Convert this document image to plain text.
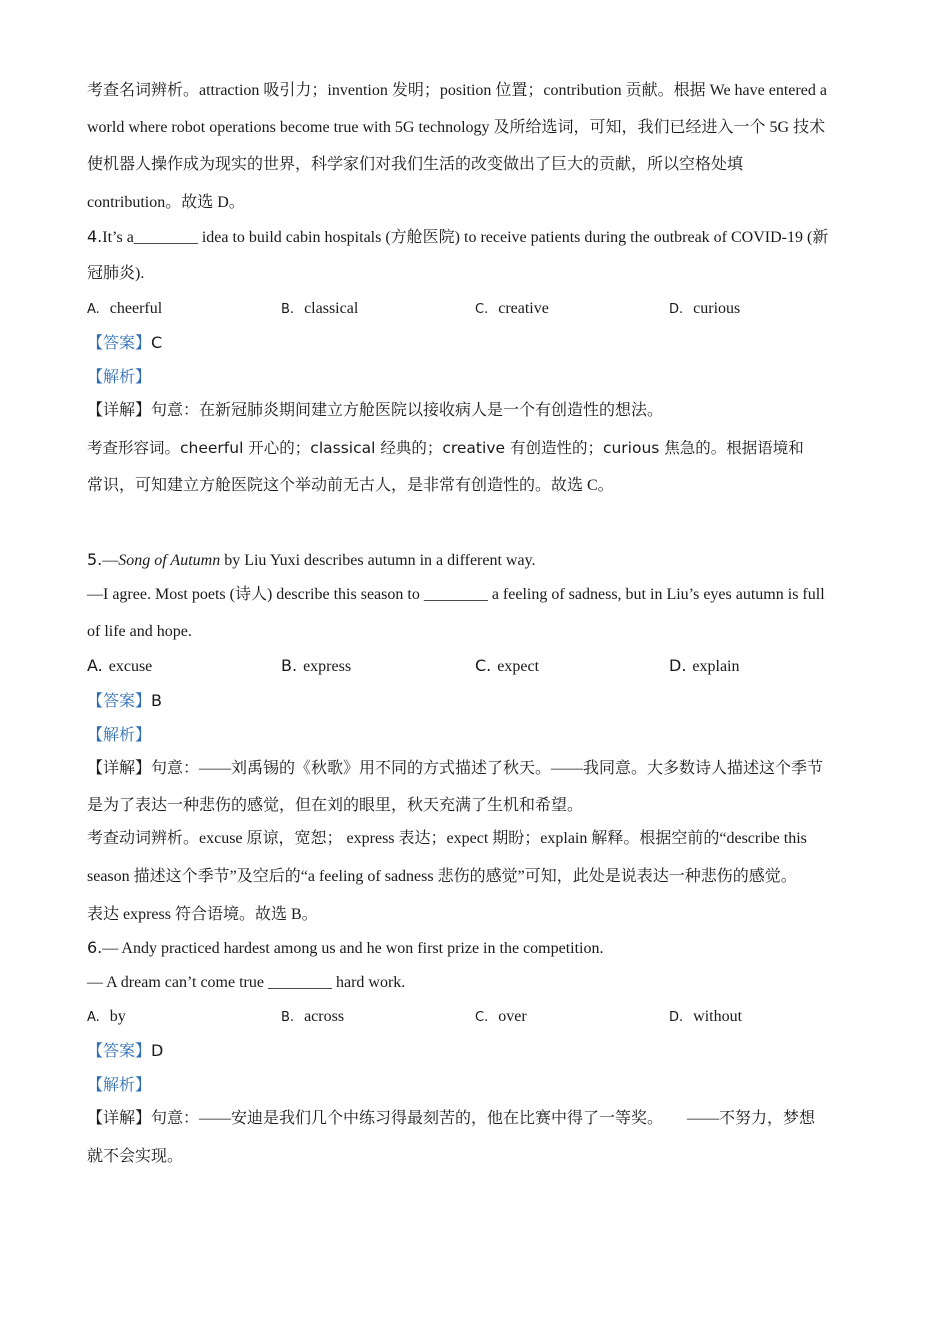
考查名词辨析。attraction 吸引力；invention 发明；position 位置；contribution 贡献。根据 We have entered a
world where robot operations become true with 5G technology 及所给选词，可知，我们已经进入一个 5G 技术
使机器人操作成为现实的世界，科学家们对我们生活的改变做出了巨大的贡献，所以空格处填
contribution。故选 D。
4.It’s a________ idea to build cabin hospitals (方舱医院) to receive patients during the outbreak of COVID-19 (新
冠肺炎).
A. cheerful	B. classical	C. creative	D. curious
【答案】C
【解析】
【详解】句意：在新冠肺炎期间建立方舱医院以接收病人是一个有创造性的想法。
考查形容词。cheerful 开心的；classical 经典的；creative 有创造性的；curious 焦急的。根据语境和
常识，可知建立方舱医院这个举动前无古人，是非常有创造性的。故选 C。
5.—Song of Autumn by Liu Yuxi describes autumn in a different way.
—I agree. Most poets (诗人) describe this season to ________ a feeling of sadness, but in Liu’s eyes autumn is full
of life and hope.
A. excuse	B. express	C. expect	D. explain
【答案】B
【解析】
【详解】句意：——刘禹锡的《秋歌》用不同的方式描述了秋天。——我同意。大多数诗人描述这个季节
是为了表达一种悲伤的感觉，但在刘的眼里，秋天充满了生机和希望。
考查动词辨析。excuse 原谅，宽恕； express 表达；expect 期盼；explain 解释。根据空前的“describe this
season 描述这个季节”及空后的“a feeling of sadness 悲伤的感觉”可知，此处是说表达一种悲伤的感觉。
表达 express 符合语境。故选 B。
6.— Andy practiced hardest among us and he won first prize in the competition.
— A dream can’t come true ________ hard work.
A. by	B. across	C. over	D. without
【答案】D
【解析】
【详解】句意：——安迪是我们几个中练习得最刻苦的，他在比赛中得了一等奖。　　——不努力，梦想
就不会实现。
